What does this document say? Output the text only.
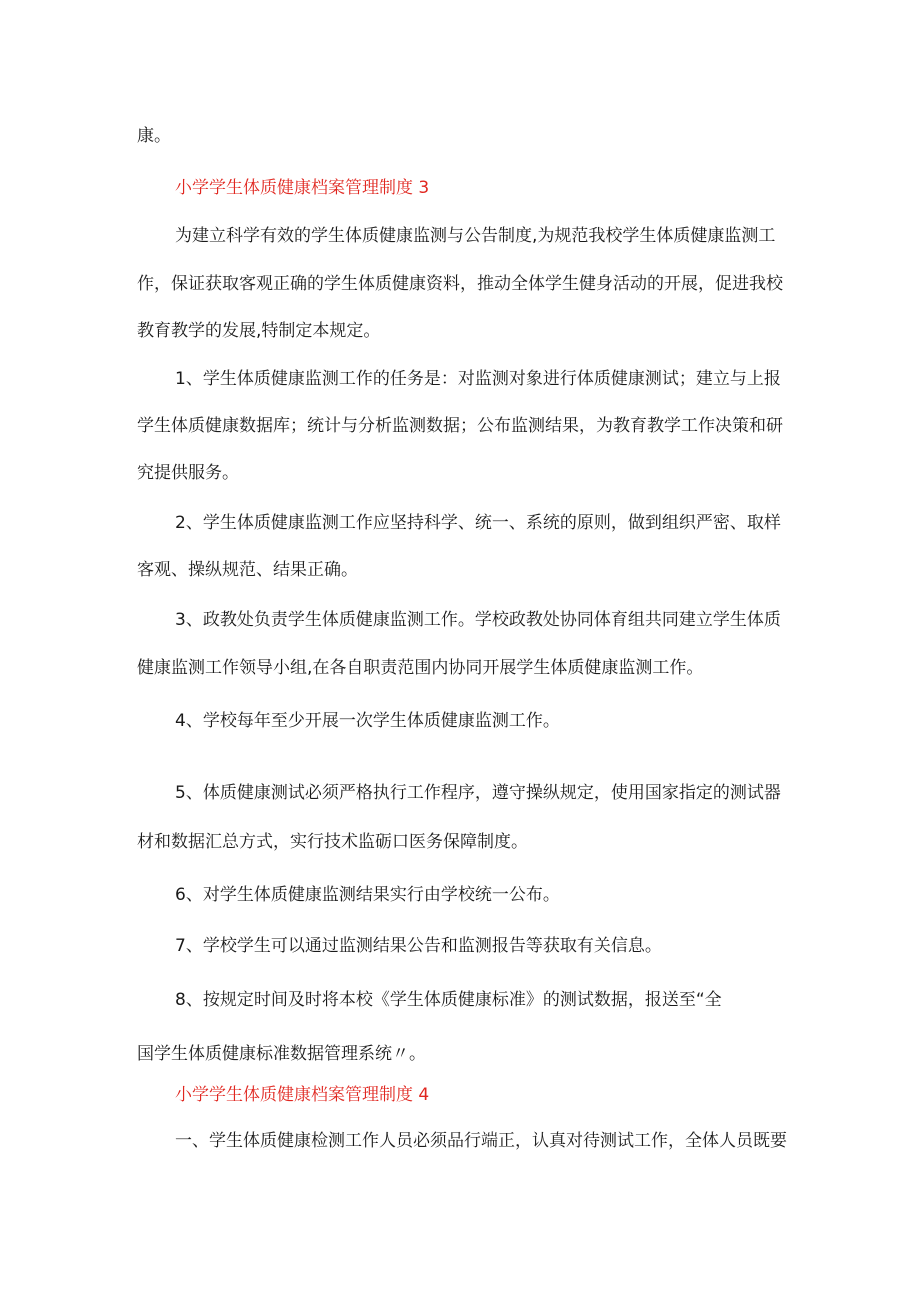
康。
小学学生体质健康档案管理制度 3
为建立科学有效的学生体质健康监测与公告制度,为规范我校学生体质健康监测工
作，保证获取客观正确的学生体质健康资料，推动全体学生健身活动的开展，促进我校
教育教学的发展,特制定本规定。
1、学生体质健康监测工作的任务是：对监测对象进行体质健康测试；建立与上报
学生体质健康数据库；统计与分析监测数据；公布监测结果，为教育教学工作决策和研
究提供服务。
2、学生体质健康监测工作应坚持科学、统一、系统的原则，做到组织严密、取样
客观、操纵规范、结果正确。
3、政教处负责学生体质健康监测工作。学校政教处协同体育组共同建立学生体质
健康监测工作领导小组,在各自职责范围内协同开展学生体质健康监测工作。
4、学校每年至少开展一次学生体质健康监测工作。
5、体质健康测试必须严格执行工作程序，遵守操纵规定，使用国家指定的测试器
材和数据汇总方式，实行技术监砺口医务保障制度。
6、对学生体质健康监测结果实行由学校统一公布。
7、学校学生可以通过监测结果公告和监测报告等获取有关信息。
8、按规定时间及时将本校《学生体质健康标准》的测试数据，报送至“全
国学生体质健康标准数据管理系统〃。
小学学生体质健康档案管理制度 4
一、学生体质健康检测工作人员必须品行端正，认真对待测试工作，全体人员既要
